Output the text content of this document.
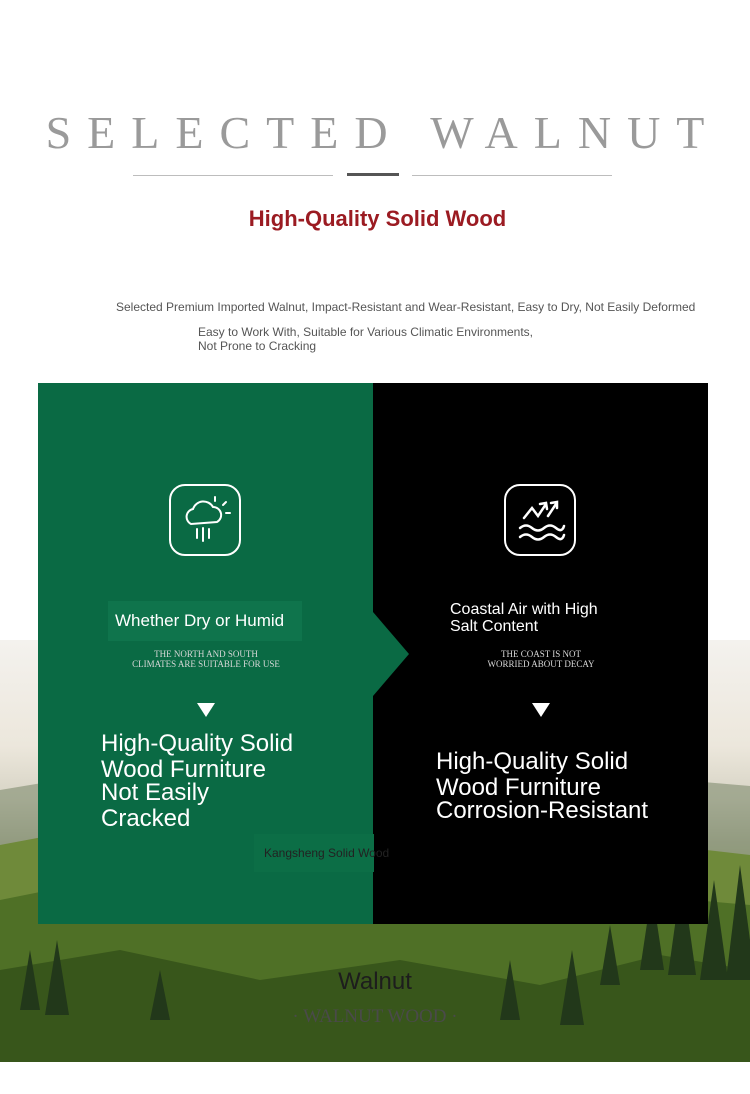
SELECTED WALNUT
High-Quality Solid Wood
Selected Premium Imported Walnut, Impact-Resistant and Wear-Resistant, Easy to Dry, Not Easily Deformed
Easy to Work With, Suitable for Various Climatic Environments,
Not Prone to Cracking
Whether Dry or Humid
Coastal Air with High
Salt Content
THE NORTH AND SOUTH
CLIMATES ARE SUITABLE FOR USE
THE COAST IS NOT
WORRIED ABOUT DECAY
High-Quality Solid
Wood Furniture
Not Easily
Cracked
High-Quality Solid
Wood Furniture
Corrosion-Resistant
Kangsheng Solid Wood
Walnut
· WALNUT WOOD ·
